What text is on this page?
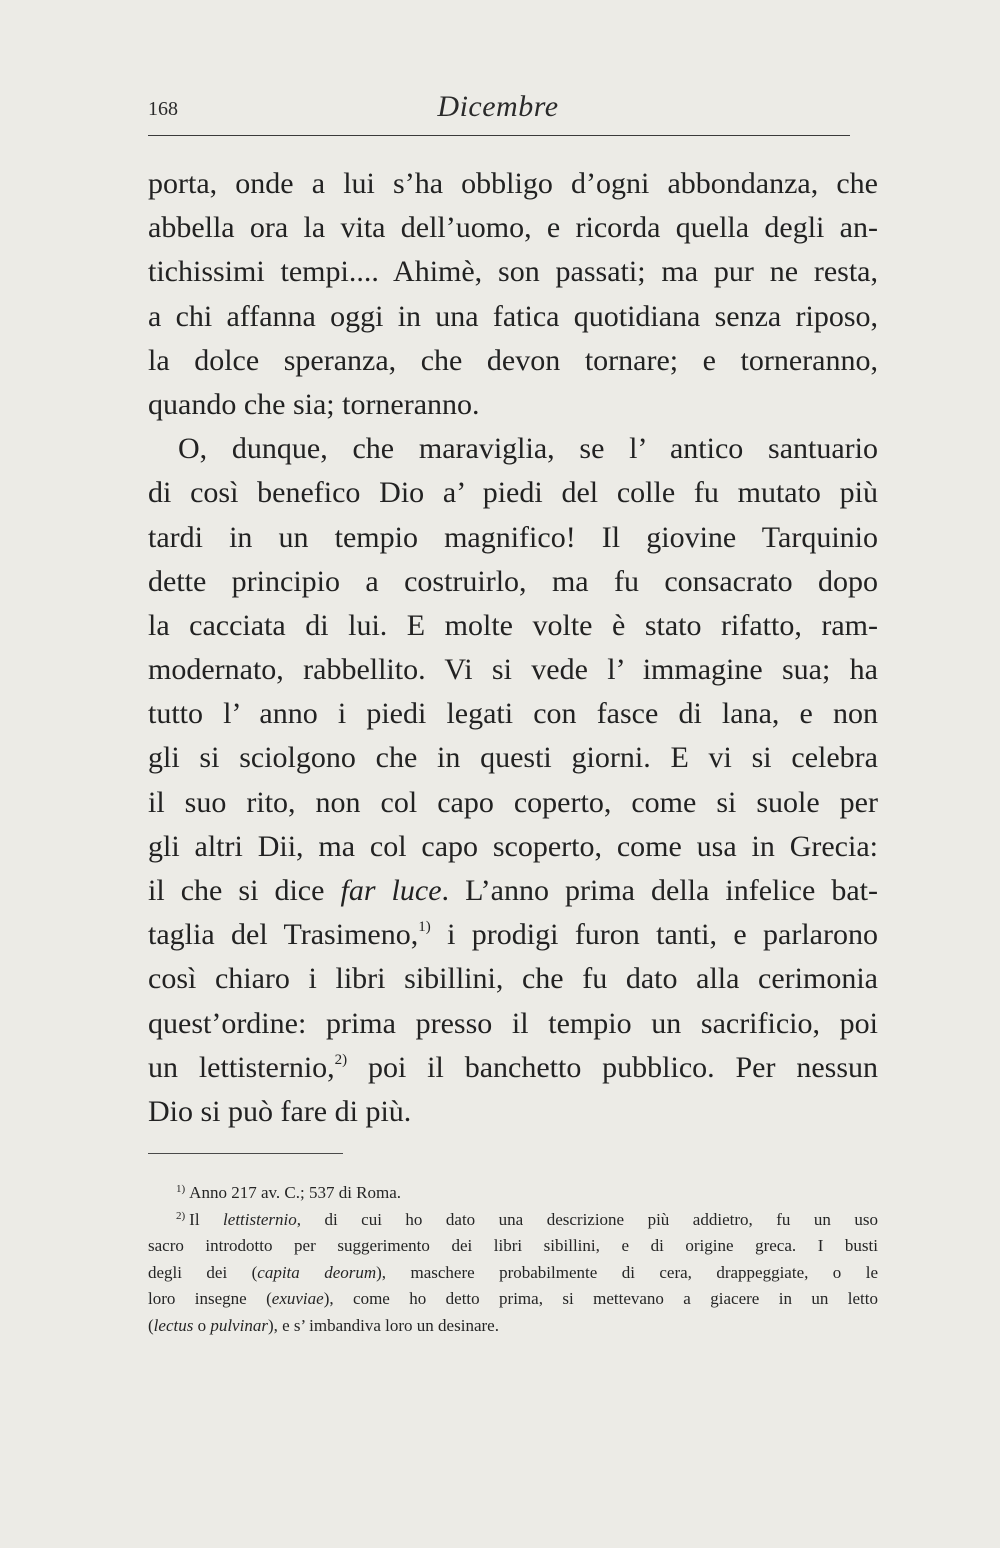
168	Dicembre
porta, onde a lui s’ha obbligo d’ogni abbondanza, che
abbella ora la vita dell’uomo, e ricorda quella degli an-
tichissimi tempi.... Ahimè, son passati; ma pur ne resta,
a chi affanna oggi in una fatica quotidiana senza riposo,
la dolce speranza, che devon tornare; e torneranno,
quando che sia; torneranno.
O, dunque, che maraviglia, se l’ antico santuario
di così benefico Dio a’ piedi del colle fu mutato più
tardi in un tempio magnifico! Il giovine Tarquinio
dette principio a costruirlo, ma fu consacrato dopo
la cacciata di lui. E molte volte è stato rifatto, ram-
modernato, rabbellito. Vi si vede l’ immagine sua; ha
tutto l’ anno i piedi legati con fasce di lana, e non
gli si sciolgono che in questi giorni. E vi si celebra
il suo rito, non col capo coperto, come si suole per
gli altri Dii, ma col capo scoperto, come usa in Grecia:
il che si dice far luce. L’anno prima della infelice bat-
taglia del Trasimeno,$^{1)}$ i prodigi furon tanti, e parlarono
così chiaro i libri sibillini, che fu dato alla cerimonia
quest’ordine: prima presso il tempio un sacrificio, poi
un lettisternio,$^{2)}$ poi il banchetto pubblico. Per nessun
Dio si può fare di più.
$^{1)}$ Anno 217 av. C.; 537 di Roma.
$^{2)}$ Il lettisternio, di cui ho dato una descrizione più addietro, fu un uso
sacro introdotto per suggerimento dei libri sibillini, e di origine greca. I busti
degli dei (capita deorum), maschere probabilmente di cera, drappeggiate, o le
loro insegne (exuviae), come ho detto prima, si mettevano a giacere in un letto
(lectus o pulvinar), e s’ imbandiva loro un desinare.
